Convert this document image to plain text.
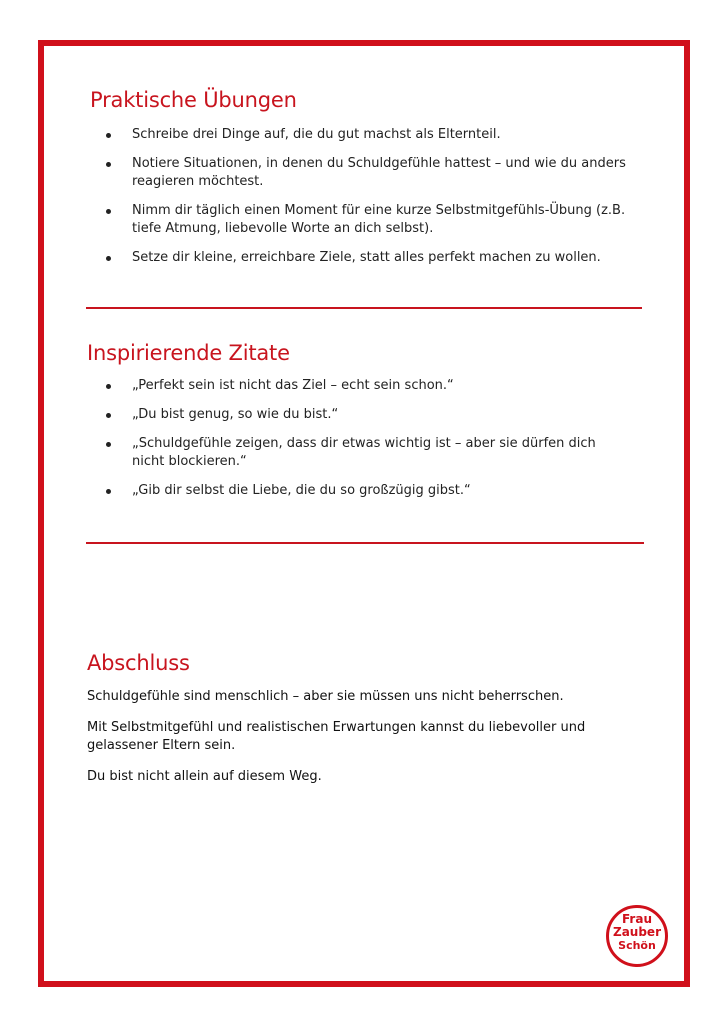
Praktische Übungen
Schreibe drei Dinge auf, die du gut machst als Elternteil.
Notiere Situationen, in denen du Schuldgefühle hattest – und wie du anders reagieren möchtest.
Nimm dir täglich einen Moment für eine kurze Selbstmitgefühls-Übung (z.B. tiefe Atmung, liebevolle Worte an dich selbst).
Setze dir kleine, erreichbare Ziele, statt alles perfekt machen zu wollen.
Inspirierende Zitate
„Perfekt sein ist nicht das Ziel – echt sein schon.“
„Du bist genug, so wie du bist.“
„Schuldgefühle zeigen, dass dir etwas wichtig ist – aber sie dürfen dich nicht blockieren.“
„Gib dir selbst die Liebe, die du so großzügig gibst.“
Abschluss

Schuldgefühle sind menschlich – aber sie müssen uns nicht beherrschen.

Mit Selbstmitgefühl und realistischen Erwartungen kannst du liebevoller und gelassener Eltern sein.

Du bist nicht allein auf diesem Weg.

Frau
Zauber
Schön
